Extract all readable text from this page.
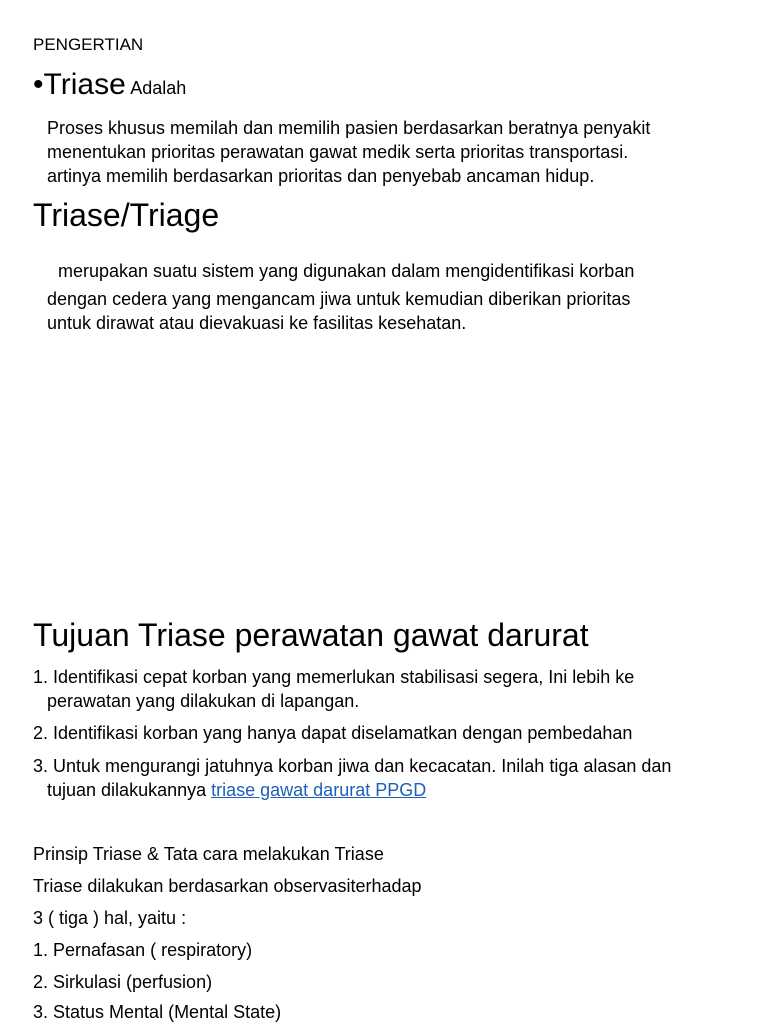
PENGERTIAN
•Triase Adalah
Proses khusus memilah dan memilih pasien berdasarkan beratnya penyakit
menentukan prioritas perawatan gawat medik serta prioritas transportasi.
artinya memilih berdasarkan prioritas dan penyebab ancaman hidup.
Triase/Triage
merupakan suatu sistem yang digunakan dalam mengidentifikasi korban
dengan cedera yang mengancam jiwa untuk kemudian diberikan prioritas
untuk dirawat atau dievakuasi ke fasilitas kesehatan.
Tujuan Triase perawatan gawat darurat
1. Identifikasi cepat korban yang memerlukan stabilisasi segera, Ini lebih ke
perawatan yang dilakukan di lapangan.
2. Identifikasi korban yang hanya dapat diselamatkan dengan pembedahan
3. Untuk mengurangi jatuhnya korban jiwa dan kecacatan. Inilah tiga alasan dan
tujuan dilakukannya triase gawat darurat PPGD
Prinsip Triase & Tata cara melakukan Triase
Triase dilakukan berdasarkan observasiterhadap
3 ( tiga ) hal, yaitu :
1. Pernafasan ( respiratory)
2. Sirkulasi (perfusion)
3. Status Mental (Mental State)
